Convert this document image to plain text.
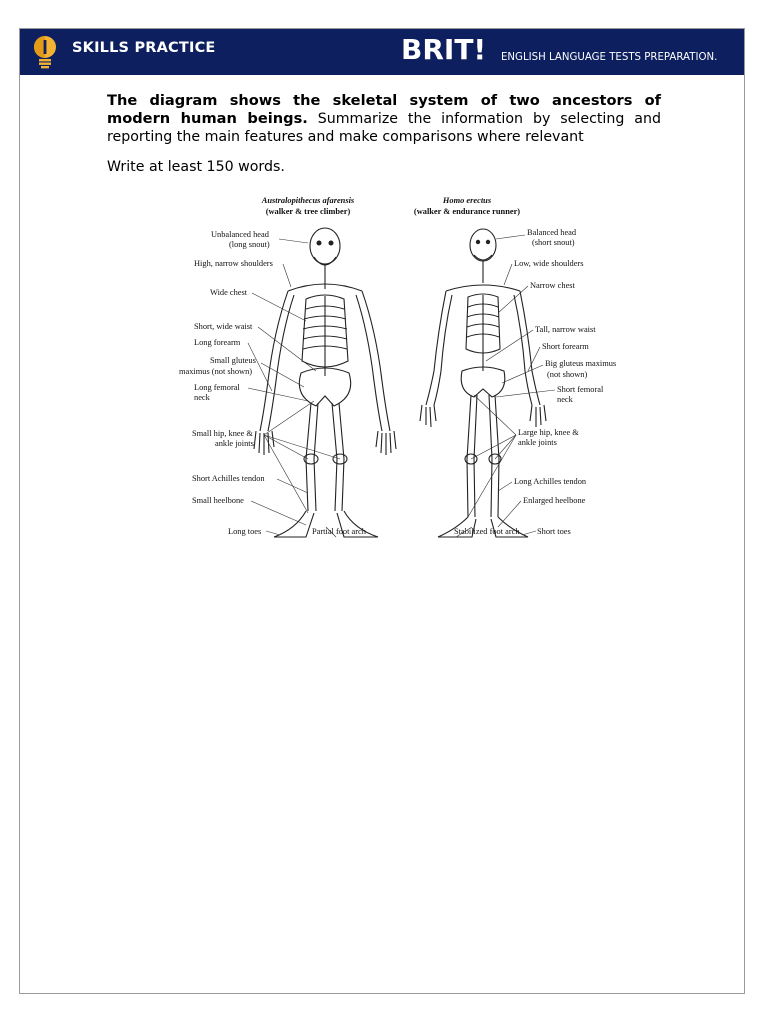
SKILLS PRACTICE	BRIT! ENGLISH LANGUAGE TESTS PREPARATION.
The diagram shows the skeletal system of two ancestors of modern human beings. Summarize the information by selecting and reporting the main features and make comparisons where relevant
Write at least 150 words.
Australopithecus afarensis
(walker & tree climber)
Homo erectus
(walker & endurance runner)
Unbalanced head
(long snout)
High, narrow shoulders
Wide chest
Short, wide waist
Long forearm
Small gluteus
maximus (not shown)
Long femoral
neck
Small hip, knee &
ankle joints
Short Achilles tendon
Small heelbone
Long toes	Partial foot arch
Balanced head
(short snout)
Low, wide shoulders
Narrow chest
Tall, narrow waist
Short forearm
Big gluteus maximus
(not shown)
Short femoral
neck
Large hip, knee &
ankle joints
Long Achilles tendon
Enlarged heelbone
Stabilized foot arch Short toes
